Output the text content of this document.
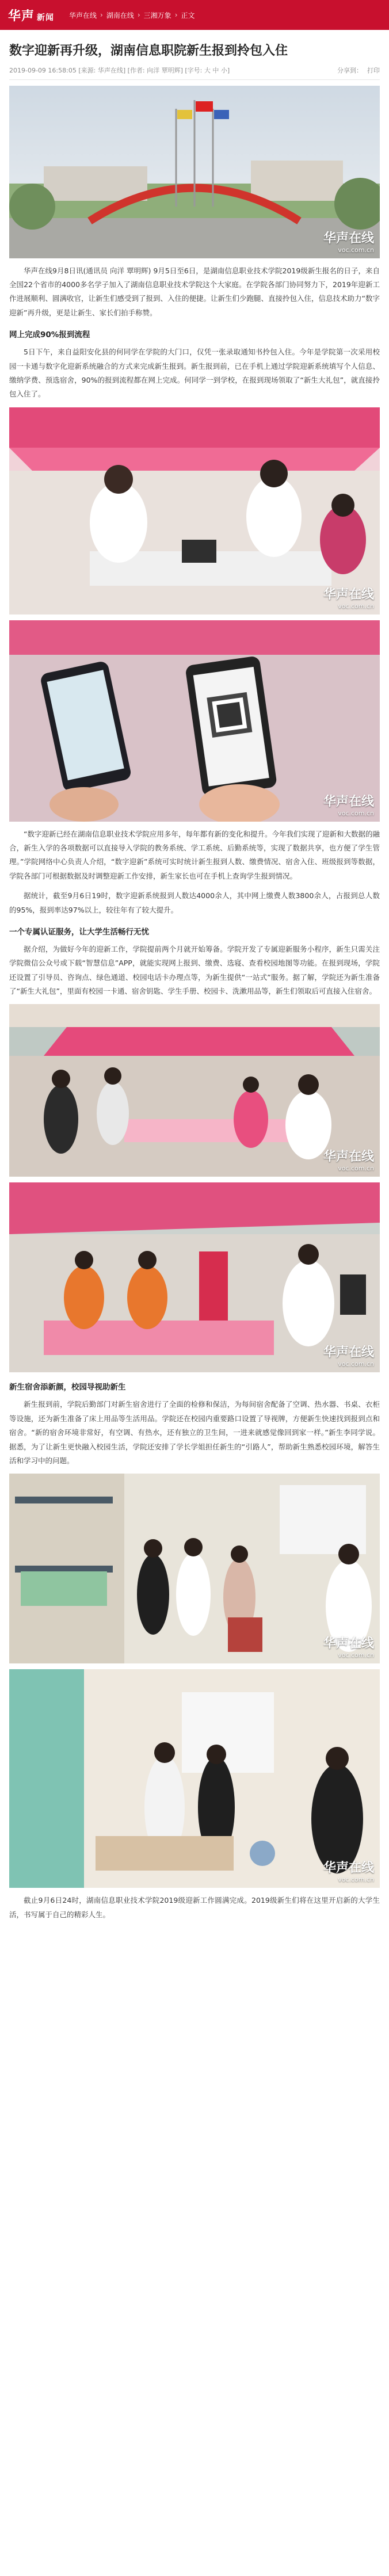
华声 新闻 华声在线 › 湖南在线 › 三湘万象 › 正文
数字迎新再升级，湖南信息职院新生报到拎包入住
2019-09-09 16:58:05 [来源: 华声在线] [作者: 向洋 覃明辉] [字号: 大 中 小]	分享到： 打印
华声在线
voc.com.cn

华声在线9月8日讯(通讯员 向洋 覃明辉) 9月5日至6日，是湖南信息职业技术学院2019级新生报名的日子，来自全国22个省市的4000多名学子加入了湖南信息职业技术学院这个大家庭。在学院各部门协同努力下，2019年迎新工作进展顺利、圆满收官，让新生们感受到了报到、入住的便捷。让新生们少跑腿、直接拎包入住，信息技术助力“数字迎新”再升级，更是让新生、家长们拍手称赞。

网上完成90%报到流程

5日下午，来自益阳安化县的何同学在学院的大门口，仅凭一张录取通知书拎包入住。今年是学院第一次采用校园一卡通与数字化迎新系统融合的方式来完成新生报到。新生报到前，已在手机上通过学院迎新系统填写个人信息、缴纳学费、预选宿舍，90%的报到流程都在网上完成。何同学一到学校，在报到现场领取了“新生大礼包”，就直接拎包入住了。

华声在线
voc.com.cn
华声在线
voc.com.cn

“数字迎新已经在湖南信息职业技术学院应用多年，每年都有新的变化和提升。今年我们实现了迎新和大数据的融合，新生入学的各项数据可以直接导入学院的教务系统、学工系统、后勤系统等，实现了数据共享，也方便了学生管理。”学院网络中心负责人介绍，“数字迎新”系统可实时统计新生报到人数、缴费情况、宿舍入住、班级报到等数据，学院各部门可根据数据及时调整迎新工作安排，新生家长也可在手机上查询学生报到情况。

据统计，截至9月6日19时，数字迎新系统报到人数达4000余人，其中网上缴费人数3800余人，占报到总人数的95%，报到率达97%以上，较往年有了较大提升。

一个专属认证服务，让大学生活畅行无忧

据介绍，为做好今年的迎新工作，学院提前两个月就开始筹备。学院开发了专属迎新服务小程序，新生只需关注学院微信公众号或下载“智慧信息”APP，就能实现网上报到、缴费、选寝、查看校园地图等功能。在报到现场，学院还设置了引导员、咨询点、绿色通道、校园电话卡办理点等，为新生提供“一站式”服务。据了解，学院还为新生准备了“新生大礼包”，里面有校园一卡通、宿舍钥匙、学生手册、校园卡、洗漱用品等，新生们领取后可直接入住宿舍。

华声在线
voc.com.cn
华声在线
voc.com.cn
新生宿舍添新颜，校园导视助新生

新生报到前，学院后勤部门对新生宿舍进行了全面的检修和保洁，为每间宿舍配备了空调、热水器、书桌、衣柜等设施，还为新生准备了床上用品等生活用品。学院还在校园内重要路口设置了导视牌，方便新生快速找到报到点和宿舍。“新的宿舍环境非常好，有空调、有热水，还有独立的卫生间，一进来就感觉像回到家一样。”新生李同学说。据悉，为了让新生更快融入校园生活，学院还安排了学长学姐担任新生的“引路人”，帮助新生熟悉校园环境，解答生活和学习中的问题。

华声在线
voc.com.cn
华声在线
voc.com.cn

截止9月6日24时，湖南信息职业技术学院2019级迎新工作圆满完成。2019级新生们将在这里开启新的大学生活，书写属于自己的精彩人生。
